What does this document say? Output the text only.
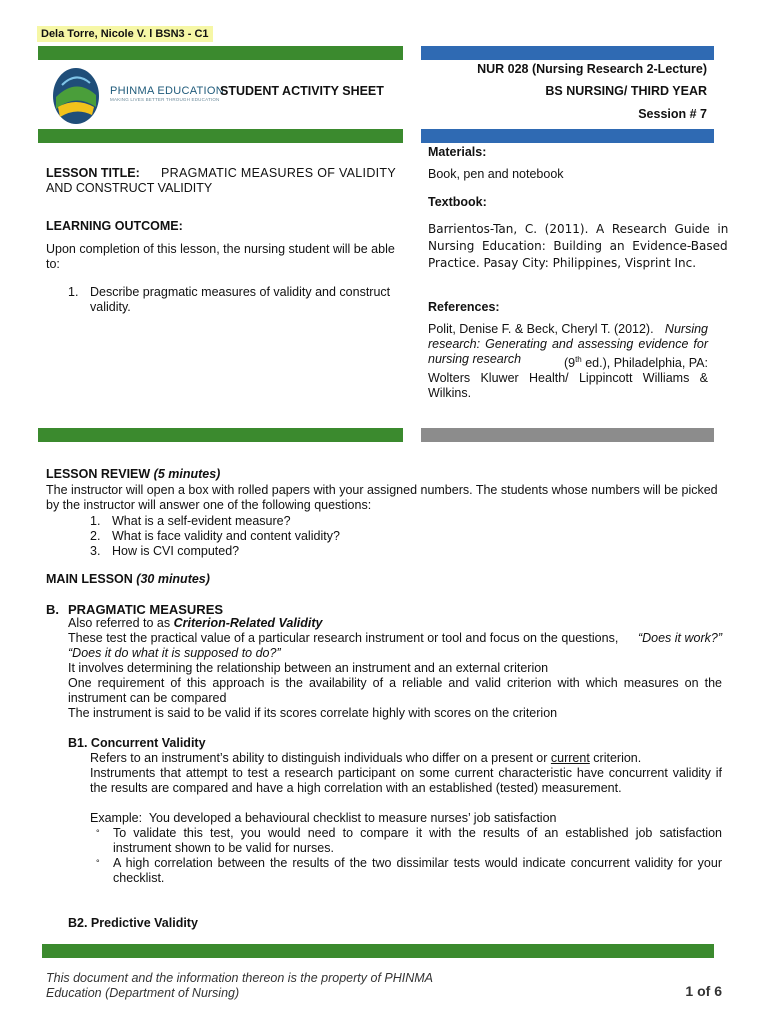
Dela Torre, Nicole V. l BSN3 - C1
PHINMA EDUCATION
MAKING LIVES BETTER THROUGH EDUCATION
STUDENT ACTIVITY SHEET
NUR 028 (Nursing Research 2-Lecture)
BS NURSING/ THIRD YEAR
Session # 7
LESSON TITLE:	PRAGMATIC MEASURES OF VALIDITY
AND CONSTRUCT VALIDITY
LEARNING OUTCOME:
Upon completion of this lesson, the nursing student will be able
to:
1. Describe pragmatic measures of validity and construct
validity.
Materials:
Book, pen and notebook
Textbook:
Barrientos-Tan,  C.  (2011).  A  Research  Guide  in
Nursing  Education:  Building  an  Evidence-Based
Practice. Pasay City: Philippines, Visprint Inc.
References:
Polit, Denise F. & Beck, Cheryl T. (2012). Nursing
research: Generating and assessing evidence for
nursing research	(9th ed.), Philadelphia, PA:
Wolters Kluwer Health/ Lippincott Williams &
Wilkins.
LESSON REVIEW (5 minutes)
The instructor will open a box with rolled papers with your assigned numbers. The students whose numbers will be picked
by the instructor will answer one of the following questions:
1. What is a self-evident measure?
2. What is face validity and content validity?
3. How is CVI computed?
MAIN LESSON (30 minutes)
B. PRAGMATIC MEASURES
Also referred to as Criterion-Related Validity
These test the practical value of a particular research instrument or tool and focus on the questions, “Does it work?”
“Does it do what it is supposed to do?”
It involves determining the relationship between an instrument and an external criterion
One requirement of this approach is the availability of a reliable and valid criterion with which measures on the
instrument can be compared
The instrument is said to be valid if its scores correlate highly with scores on the criterion
B1. Concurrent Validity
Refers to an instrument’s ability to distinguish individuals who differ on a present or current criterion.
Instruments that attempt to test a research participant on some current characteristic have concurrent validity if
the results are compared and have a high correlation with an established (tested) measurement.
Example:  You developed a behavioural checklist to measure nurses’ job satisfaction
° To validate this test, you would need to compare it with the results of an established job satisfaction
instrument shown to be valid for nurses.
° A high correlation between the results of the two dissimilar tests would indicate concurrent validity for your
checklist.
B2. Predictive Validity
This document and the information thereon is the property of PHINMA
Education (Department of Nursing)	1 of 6
